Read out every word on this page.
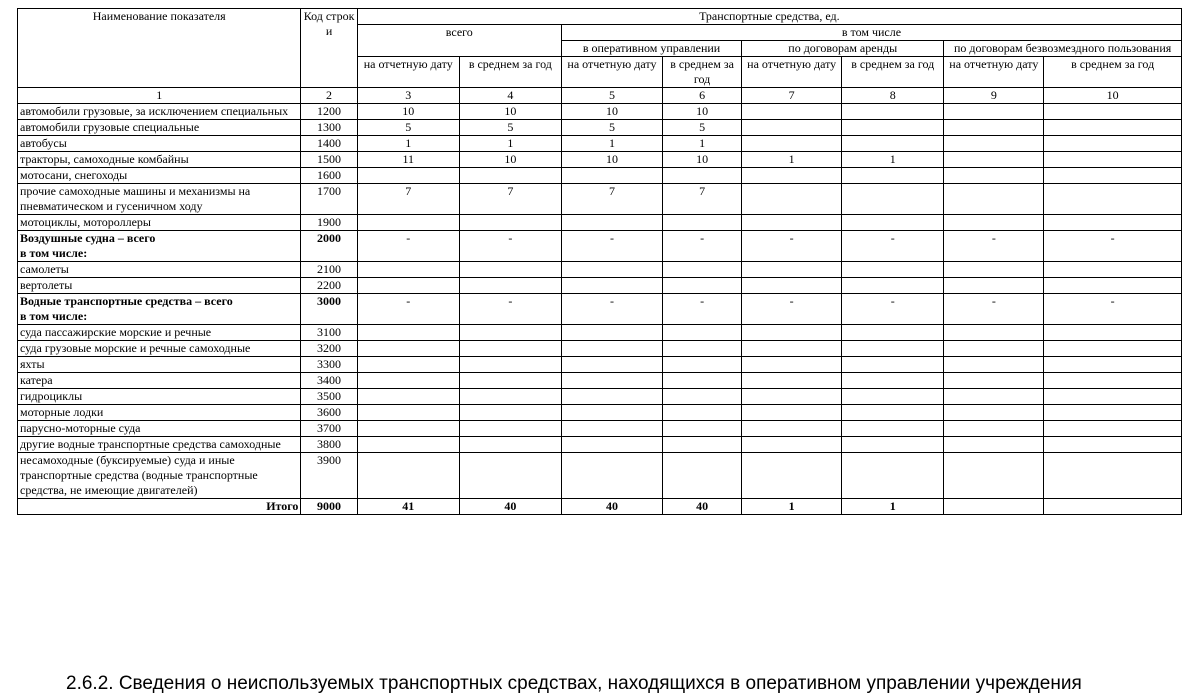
Наименование показателя	Код строк и	Транспортные средства, ед.							
		всего		в том числе					
				в оперативном управлении		по договорам аренды		по договорам безвозмездного пользования	
		на отчетную дату	в среднем за год	на отчетную дату	в среднем за год	на отчетную дату	в среднем за год	на отчетную дату	в среднем за год
1	2	3	4	5	6	7	8	9	10
автомобили грузовые, за исключением специальных	1200	10	10	10	10				
автомобили грузовые специальные	1300	5	5	5	5				
автобусы	1400	1	1	1	1				
тракторы, самоходные комбайны	1500	11	10	10	10	1	1		
мотосани, снегоходы	1600								
прочие самоходные машины и механизмы на пневматическом и гусеничном ходу	1700	7	7	7	7				
мотоциклы, мотороллеры	1900								
Воздушные судна – всего
в том числе:	2000	-	-	-	-	-	-	-	-
самолеты	2100								
вертолеты	2200								
Водные транспортные средства – всего
в том числе:	3000	-	-	-	-	-	-	-	-
суда пассажирские морские и речные	3100								
суда грузовые морские и речные самоходные	3200								
яхты	3300								
катера	3400								
гидроциклы	3500								
моторные лодки	3600								
парусно-моторные суда	3700								
другие водные транспортные средства самоходные	3800								
несамоходные (буксируемые) суда и иные транспортные средства (водные транспортные средства, не имеющие двигателей)	3900								
Итого	9000	41	40	40	40	1	1		
2.6.2. Сведения о неиспользуемых транспортных средствах, находящихся в оперативном управлении учреждения
